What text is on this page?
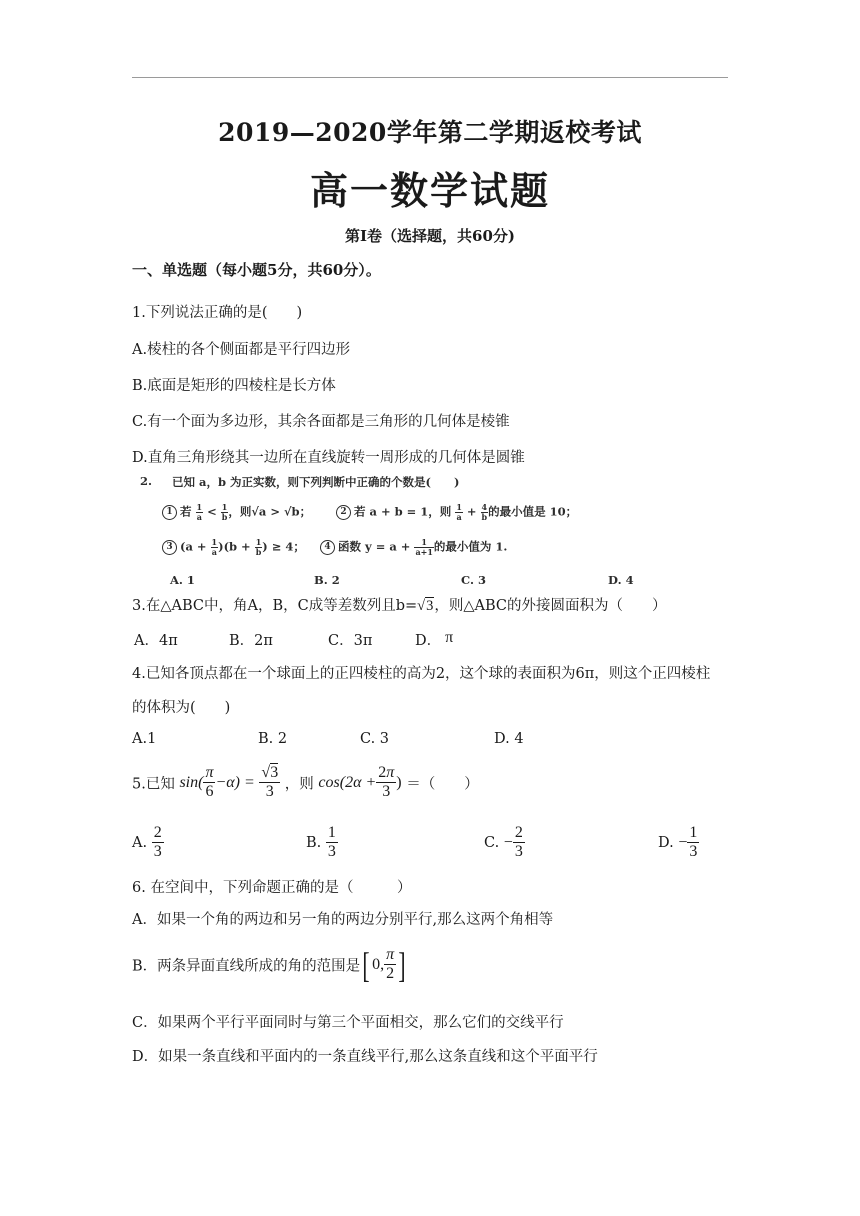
2019—2020学年第二学期返校考试
高一数学试题
第Ⅰ卷（选择题，共60分)
一、单选题（每小题5分，共60分）。
1.下列说法正确的是(　　)
A.棱柱的各个侧面都是平行四边形
B.底面是矩形的四棱柱是长方体
C.有一个面为多边形，其余各面都是三角形的几何体是棱锥
D.直角三角形绕其一边所在直线旋转一周形成的几何体是圆锥
2. 已知 a，b 为正实数，则下列判断中正确的个数是(　　)
1 若 $\frac{1}{a} < \frac{1}{b}$ ，则√a > √b；	2 若 a + b = 1，则 $\frac{1}{a} + \frac{4}{b}$ 的最小值是 10；
3 $(a + \frac{1}{a} )(b + \frac{1}{b}$ ) ≥ 4；	4 函数 $y = a + \frac{1}{a+1}$ 的最小值为 1.
A. 1	B. 2	C. 3	D. 4
3.在△ABC中，角A，B，C成等差数列且b=√3，则△ABC的外接圆面积为（　　）
A．4π	B．2π	C．3π	D． π
4.已知各顶点都在一个球面上的正四棱柱的高为2，这个球的表面积为6π，则这个正四棱柱
的体积为(　　)
A.1	B. 2	C. 3	D. 4
5.已知 $\sin( \frac{\pi}{6} -\alpha) = \frac{√3}{3}$ ，则 $\cos(2\alpha + \frac{2\pi}{3}$ ) ＝（　　）
A. $\frac{2}{3}$	B. $\frac{1}{3}$	C. − $\frac{2}{3}$	D. − $\frac{1}{3}$
6. 在空间中，下列命题正确的是（　　　）
A．如果一个角的两边和另一角的两边分别平行,那么这两个角相等
B．两条异面直线所成的角的范围是[ 0, $\frac{\pi}{2}$ ]
C．如果两个平行平面同时与第三个平面相交，那么它们的交线平行
D．如果一条直线和平面内的一条直线平行,那么这条直线和这个平面平行
